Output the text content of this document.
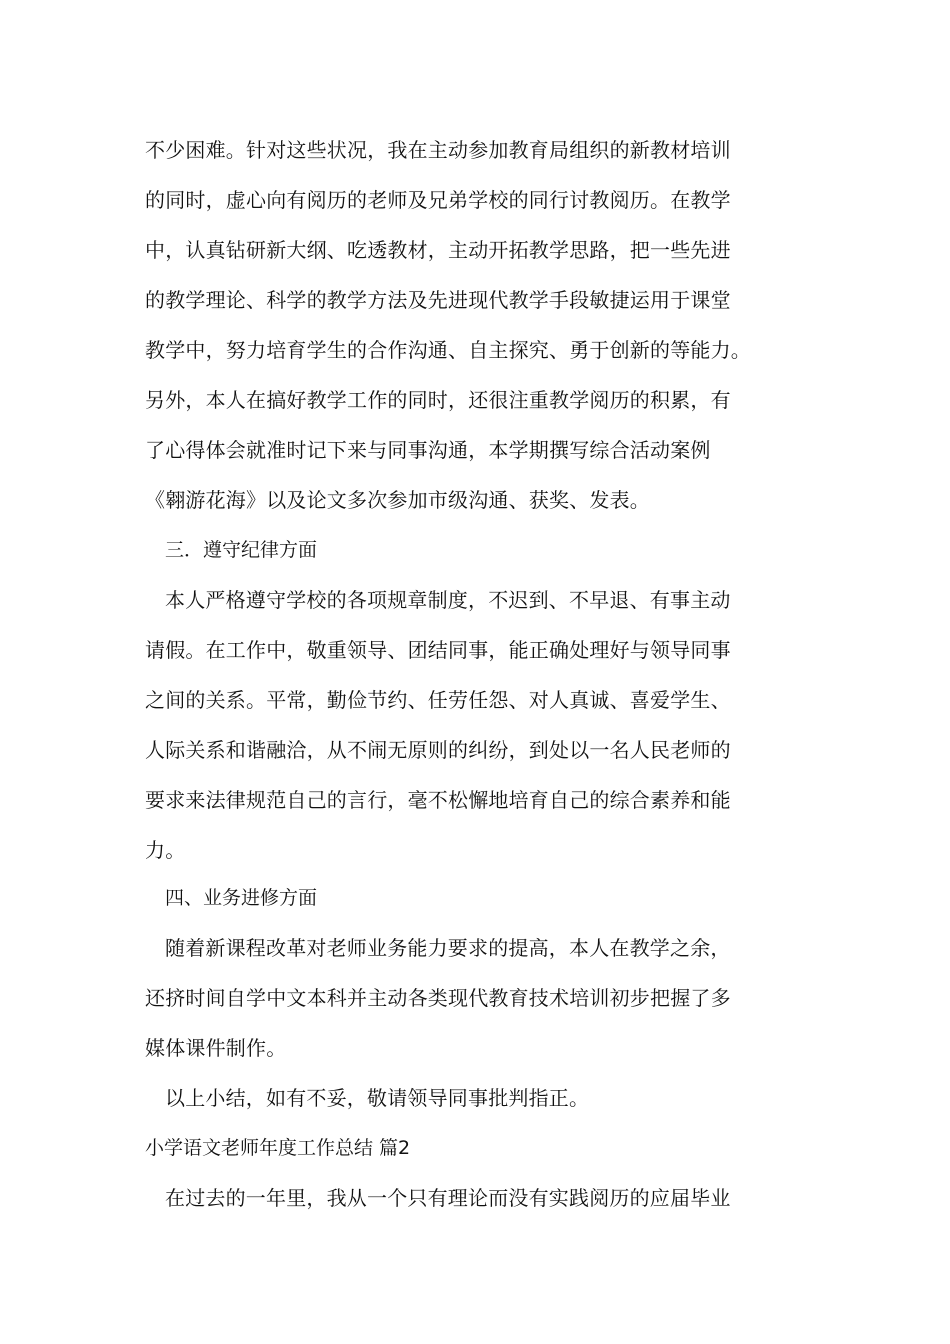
不少困难。针对这些状况，我在主动参加教育局组织的新教材培训
的同时，虚心向有阅历的老师及兄弟学校的同行讨教阅历。在教学
中，认真钻研新大纲、吃透教材，主动开拓教学思路，把一些先进
的教学理论、科学的教学方法及先进现代教学手段敏捷运用于课堂
教学中，努力培育学生的合作沟通、自主探究、勇于创新的等能力。
另外，本人在搞好教学工作的同时，还很注重教学阅历的积累，有
了心得体会就准时记下来与同事沟通，本学期撰写综合活动案例
《翱游花海》以及论文多次参加市级沟通、获奖、发表。
三．遵守纪律方面
本人严格遵守学校的各项规章制度，不迟到、不早退、有事主动
请假。在工作中，敬重领导、团结同事，能正确处理好与领导同事
之间的关系。平常，勤俭节约、任劳任怨、对人真诚、喜爱学生、
人际关系和谐融洽，从不闹无原则的纠纷，到处以一名人民老师的
要求来法律规范自己的言行，毫不松懈地培育自己的综合素养和能
力。
四、业务进修方面
随着新课程改革对老师业务能力要求的提高，本人在教学之余，
还挤时间自学中文本科并主动各类现代教育技术培训初步把握了多
媒体课件制作。
以上小结，如有不妥，敬请领导同事批判指正。
小学语文老师年度工作总结 篇2
在过去的一年里，我从一个只有理论而没有实践阅历的应届毕业
